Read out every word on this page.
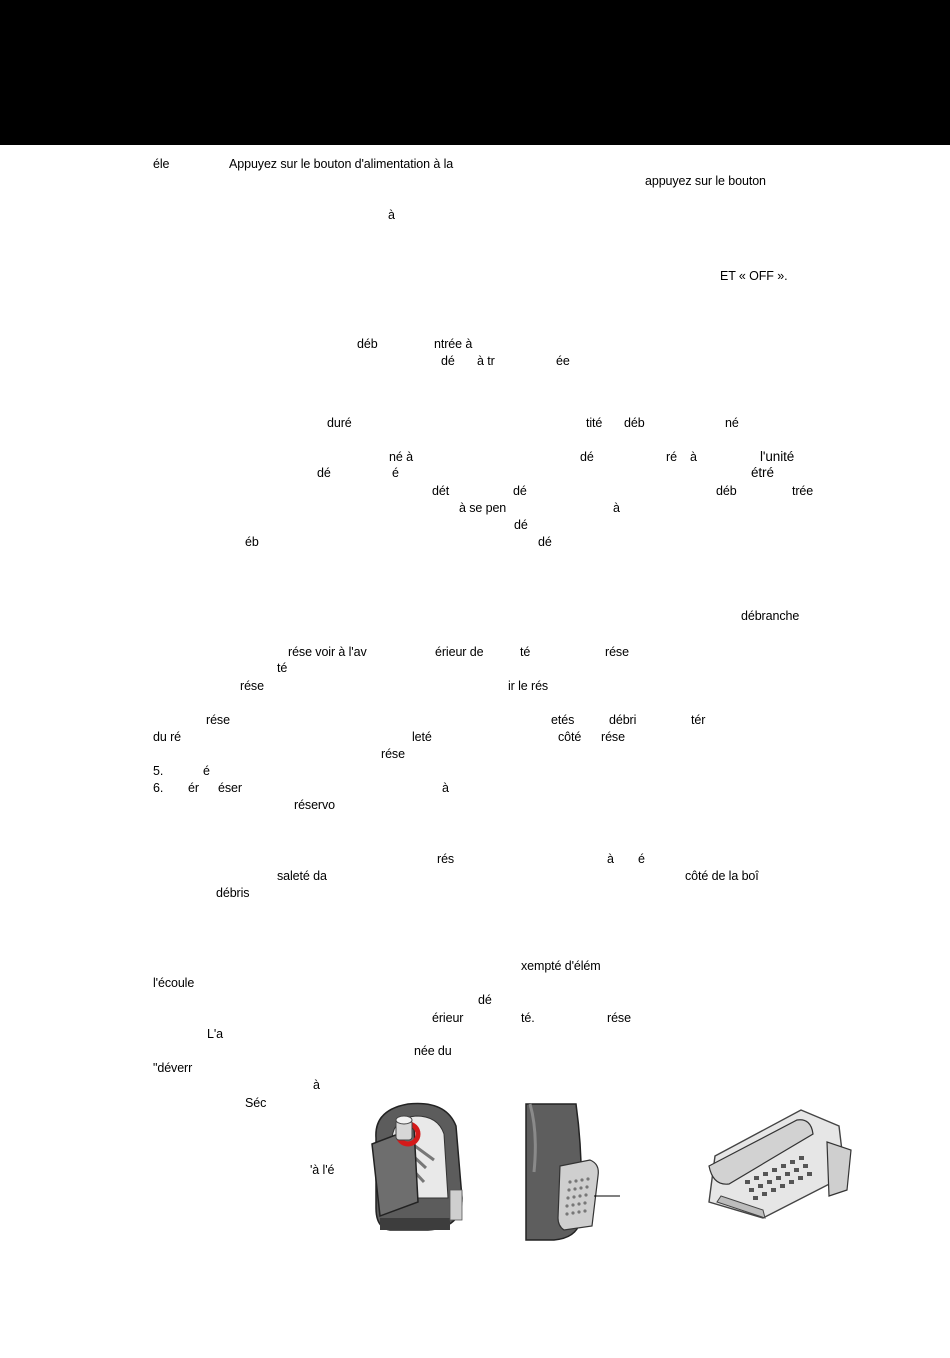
éle	Appuyez sur le bouton d'alimentation à la
appuyez sur le bouton
à
ET « OFF ».
déb	ntrée à
dé à tr	ée
duré	tité déb	né
né à	dé	ré à	l'unité
dé	é	étré
dét	dé	déb	trée
à se pen	à
dé
éb	dé
débranche
rése voir à l'av	érieur de	té	rése
té
rése	ir le rés
rése	etés	débri	tér
du ré	leté	côté rése
rése
5.	é
6. ér éser	à
réservo
rés	à é
saleté da	côté de la boî
débris
xempté d'élém
l'écoule
dé
érieur	té.	rése
L'a
née du
"déverr
à
Séc
'à l'é
